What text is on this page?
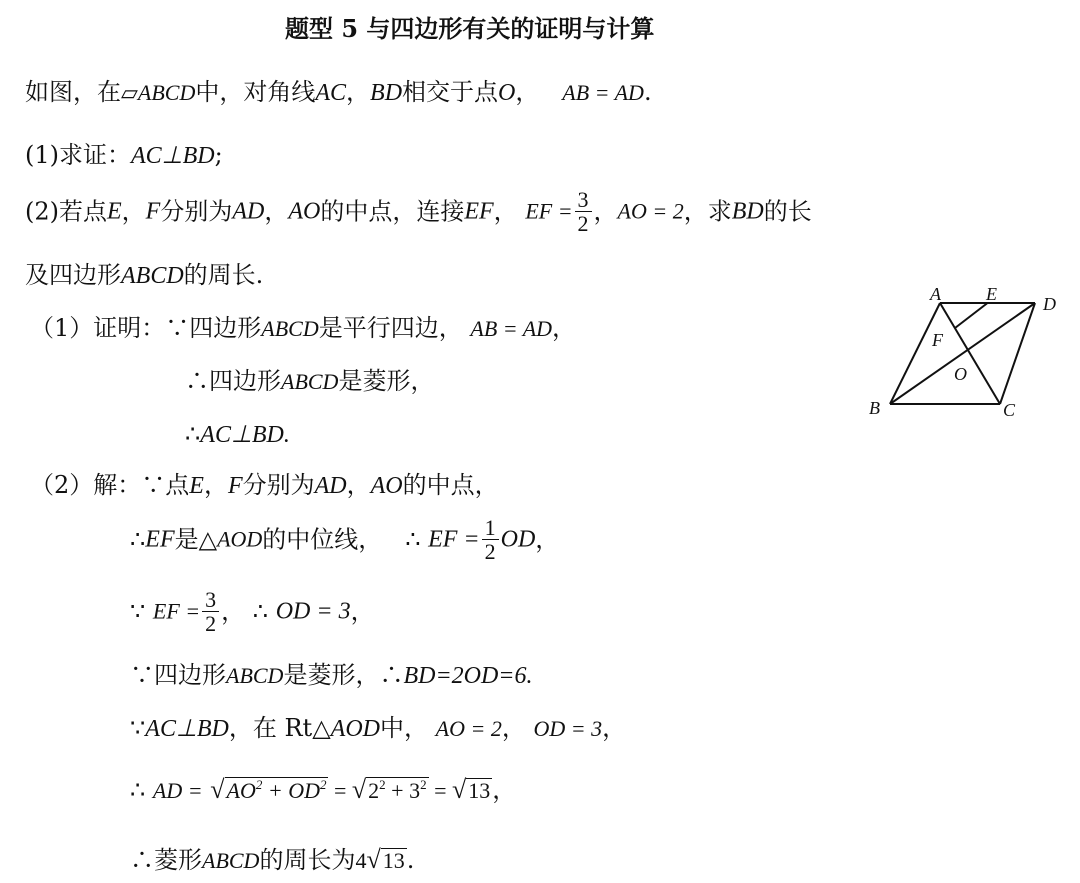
题型 5 与四边形有关的证明与计算
如图，在▱ABCD中，对角线AC，BD相交于点O， AB = AD.
(1)求证：AC⊥BD;
(2)若点E，F分别为AD，AO的中点，连接EF， EF = $\frac{3}{2}$ ，AO = 2，求BD的长
及四边形ABCD的周长.
A	E	D
F
O
B	C
（1）证明：∵四边形ABCD是平行四边， AB = AD，
∴四边形ABCD是菱形，
∴AC⊥BD.
（2）解：∵点E，F分别为AD，AO的中点，
∴EF是△AOD的中位线， ∴ EF = $\frac{1}{2}$ OD，
∵ EF = $\frac{3}{2}$ ， ∴ OD = 3，
∵四边形ABCD是菱形，∴BD=2OD=6.
∵AC⊥BD，在 Rt△AOD中， AO = 2， OD = 3，
∴ AD = $√AO^2 + OD^2 = √2^2 + 3^2 = √13$，
∴菱形ABCD的周长为4√13.
